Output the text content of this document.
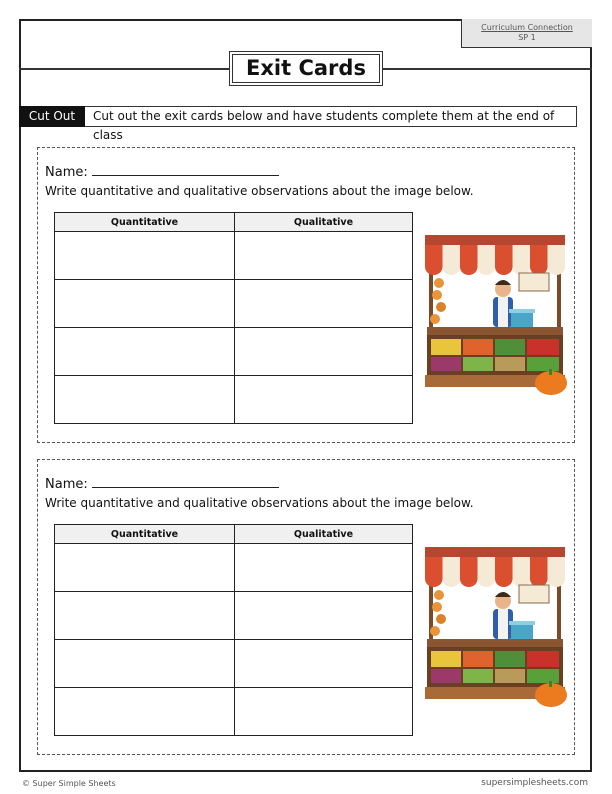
Curriculum Connection
SP 1
Exit Cards
Cut Out	Cut out the exit cards below and have students complete them at the end of class
Name:
Write quantitative and qualitative observations about the image below.
Quantitative	Qualitative

Name:
Write quantitative and qualitative observations about the image below.
Quantitative	Qualitative

© Super Simple Sheets	supersimplesheets.com
